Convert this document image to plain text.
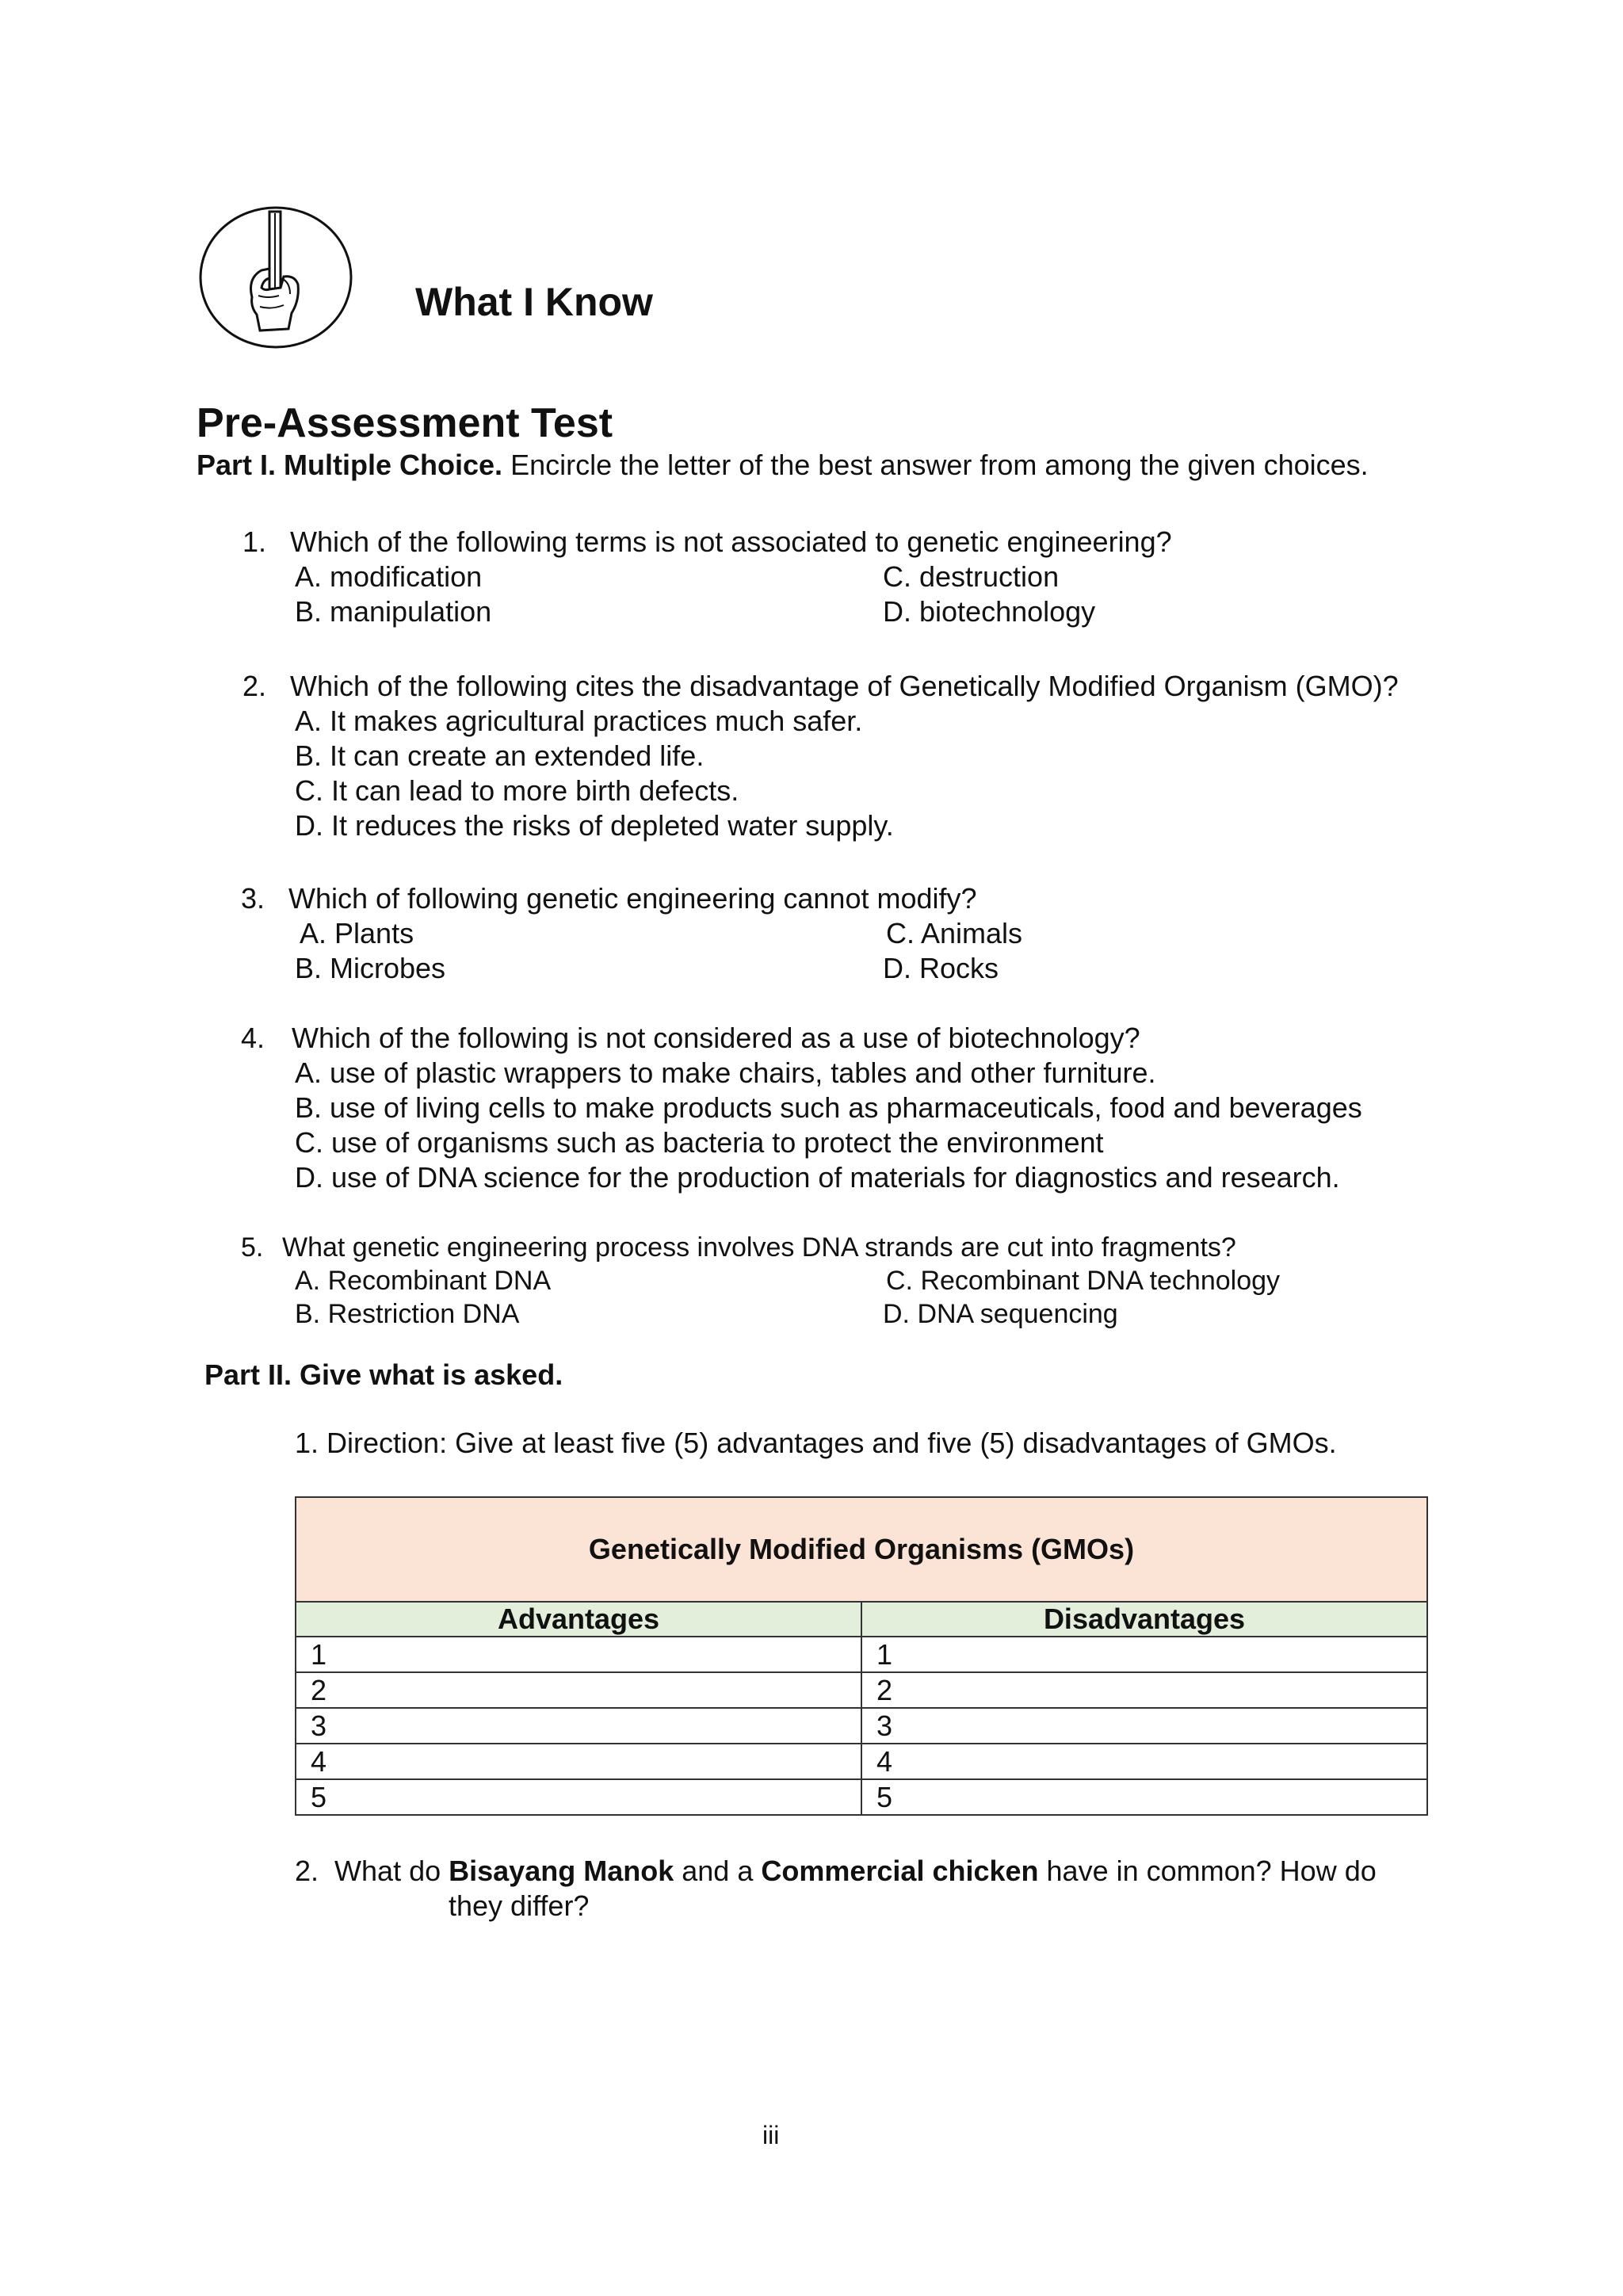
What I Know
Pre-Assessment Test
Part I. Multiple Choice. Encircle the letter of the best answer from among the given choices.
1. Which of the following terms is not associated to genetic engineering?
A. modification
B. manipulation
C. destruction
D. biotechnology
2. Which of the following cites the disadvantage of Genetically Modified Organism (GMO)?
A. It makes agricultural practices much safer.
B. It can create an extended life.
C. It can lead to more birth defects.
D. It reduces the risks of depleted water supply.
3. Which of following genetic engineering cannot modify?
A. Plants
B. Microbes
C. Animals
D. Rocks
4. Which of the following is not considered as a use of biotechnology?
A. use of plastic wrappers to make chairs, tables and other furniture.
B. use of living cells to make products such as pharmaceuticals, food and beverages
C. use of organisms such as bacteria to protect the environment
D. use of DNA science for the production of materials for diagnostics and research.
5. What genetic engineering process involves DNA strands are cut into fragments?
A. Recombinant DNA
B. Restriction DNA
C. Recombinant DNA technology
D. DNA sequencing
Part II. Give what is asked.
1. Direction: Give at least five (5) advantages and five (5) disadvantages of GMOs.
Genetically Modified Organisms (GMOs)	
Advantages	Disadvantages
1	1
2	2
3	3
4	4
5	5
2. What do Bisayang Manok and a Commercial chicken have in common? How do
they differ?
iii
